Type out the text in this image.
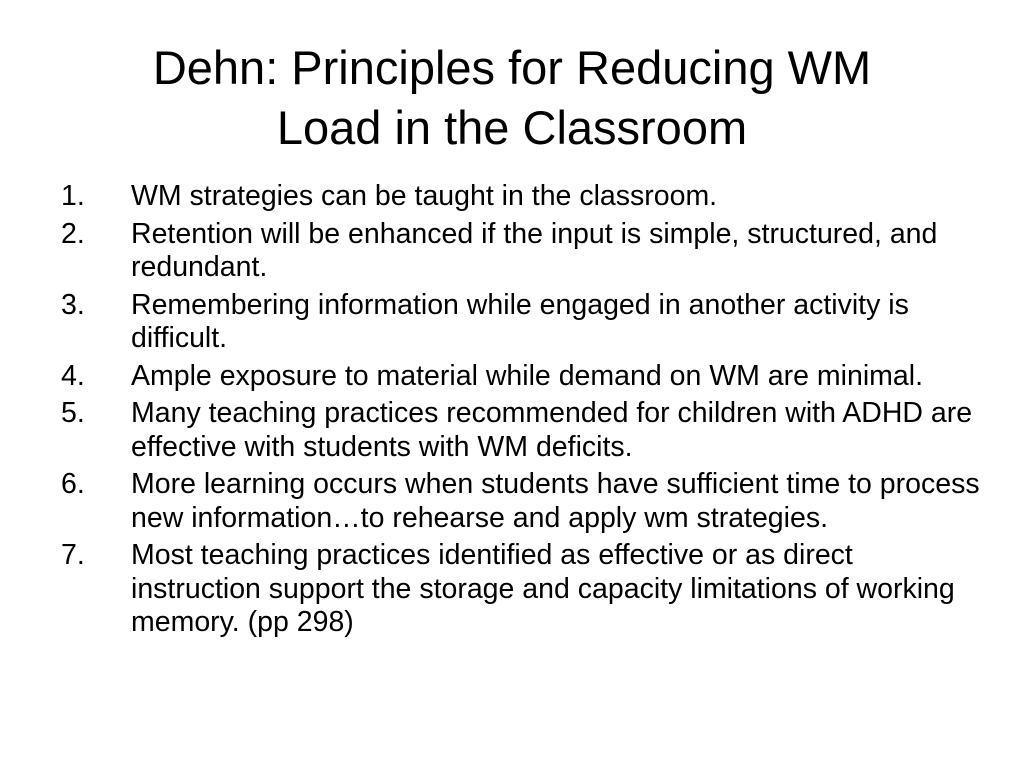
Dehn: Principles for Reducing WM
Load in the Classroom
1. WM strategies can be taught in the classroom.
2. Retention will be enhanced if the input is simple, structured, and redundant.
3. Remembering information while engaged in another activity is difficult.
4. Ample exposure to material while demand on WM are minimal.
5. Many teaching practices recommended for children with ADHD are effective with students with WM deficits.
6. More learning occurs when students have sufficient time to process new information…to rehearse and apply wm strategies.
7. Most teaching practices identified as effective or as direct instruction support the storage and capacity limitations of working memory. (pp 298)
